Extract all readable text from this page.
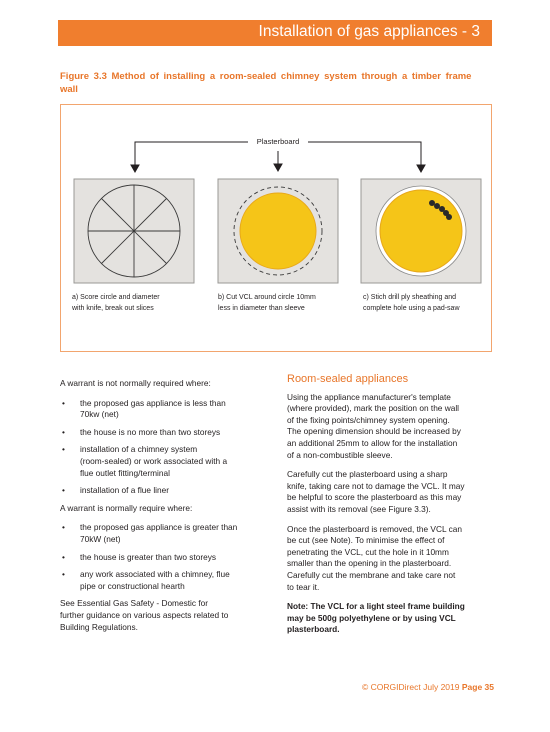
Installation of gas appliances - 3
Figure 3.3 Method of installing a room-sealed chimney system through a timber frame wall
Plasterboard
a) Score circle and diameter
with knife, break out slices
b) Cut VCL around circle 10mm
less in diameter than sleeve
c) Stich drill ply sheathing and
complete hole using a pad-saw

A warrant is not normally required where:

• the proposed gas appliance is less than
70kw (net)
• the house is no more than two storeys
• installation of a chimney system
(room-sealed) or work associated with a
flue outlet fitting/terminal
• installation of a flue liner

A warrant is normally require where:

• the proposed gas appliance is greater than
70kW (net)
• the house is greater than two storeys
• any work associated with a chimney, flue
pipe or constructional hearth
See Essential Gas Safety - Domestic for
further guidance on various aspects related to
Building Regulations.
Room-sealed appliances
Using the appliance manufacturer's template
(where provided), mark the position on the wall
of the fixing points/chimney system opening.
The opening dimension should be increased by
an additional 25mm to allow for the installation
of a non-combustible sleeve.
Carefully cut the plasterboard using a sharp
knife, taking care not to damage the VCL. It may
be helpful to score the plasterboard as this may
assist with its removal (see Figure 3.3).
Once the plasterboard is removed, the VCL can
be cut (see Note). To minimise the effect of
penetrating the VCL, cut the hole in it 10mm
smaller than the opening in the plasterboard.
Carefully cut the membrane and take care not
to tear it.
Note: The VCL for a light steel frame building
may be 500g polyethylene or by using VCL
plasterboard.
© CORGIDirect July 2019 Page 35
